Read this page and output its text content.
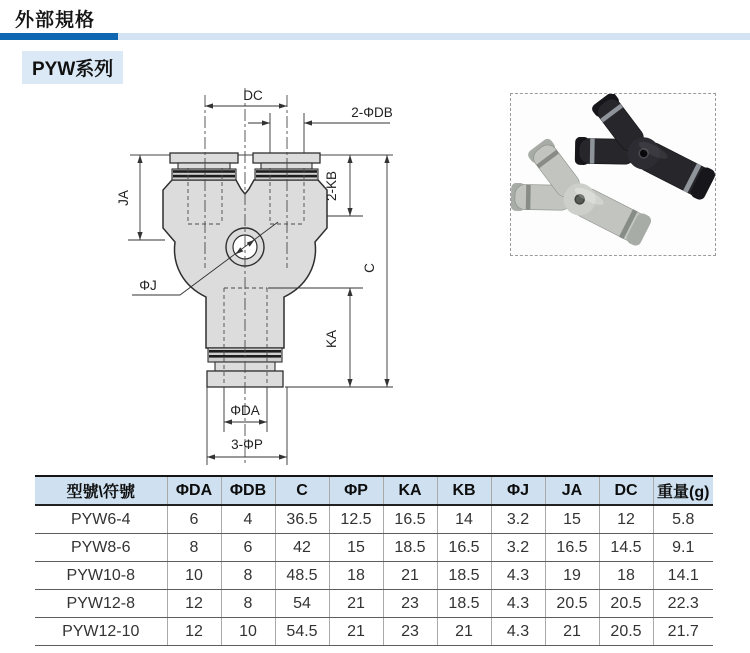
外部規格
PYW系列
DC
2-ΦDB
JA	2-KB
C
KA
ΦJ
ΦDA
3-ΦP
型號\符號	ΦDA	ΦDB	C	ΦP	KA	KB	ΦJ	JA	DC	重量(g)
PYW6-4	6	4	36.5	12.5	16.5	14	3.2	15	12	5.8
PYW8-6	8	6	42	15	18.5	16.5	3.2	16.5	14.5	9.1
PYW10-8	10	8	48.5	18	21	18.5	4.3	19	18	14.1
PYW12-8	12	8	54	21	23	18.5	4.3	20.5	20.5	22.3
PYW12-10	12	10	54.5	21	23	21	4.3	21	20.5	21.7
